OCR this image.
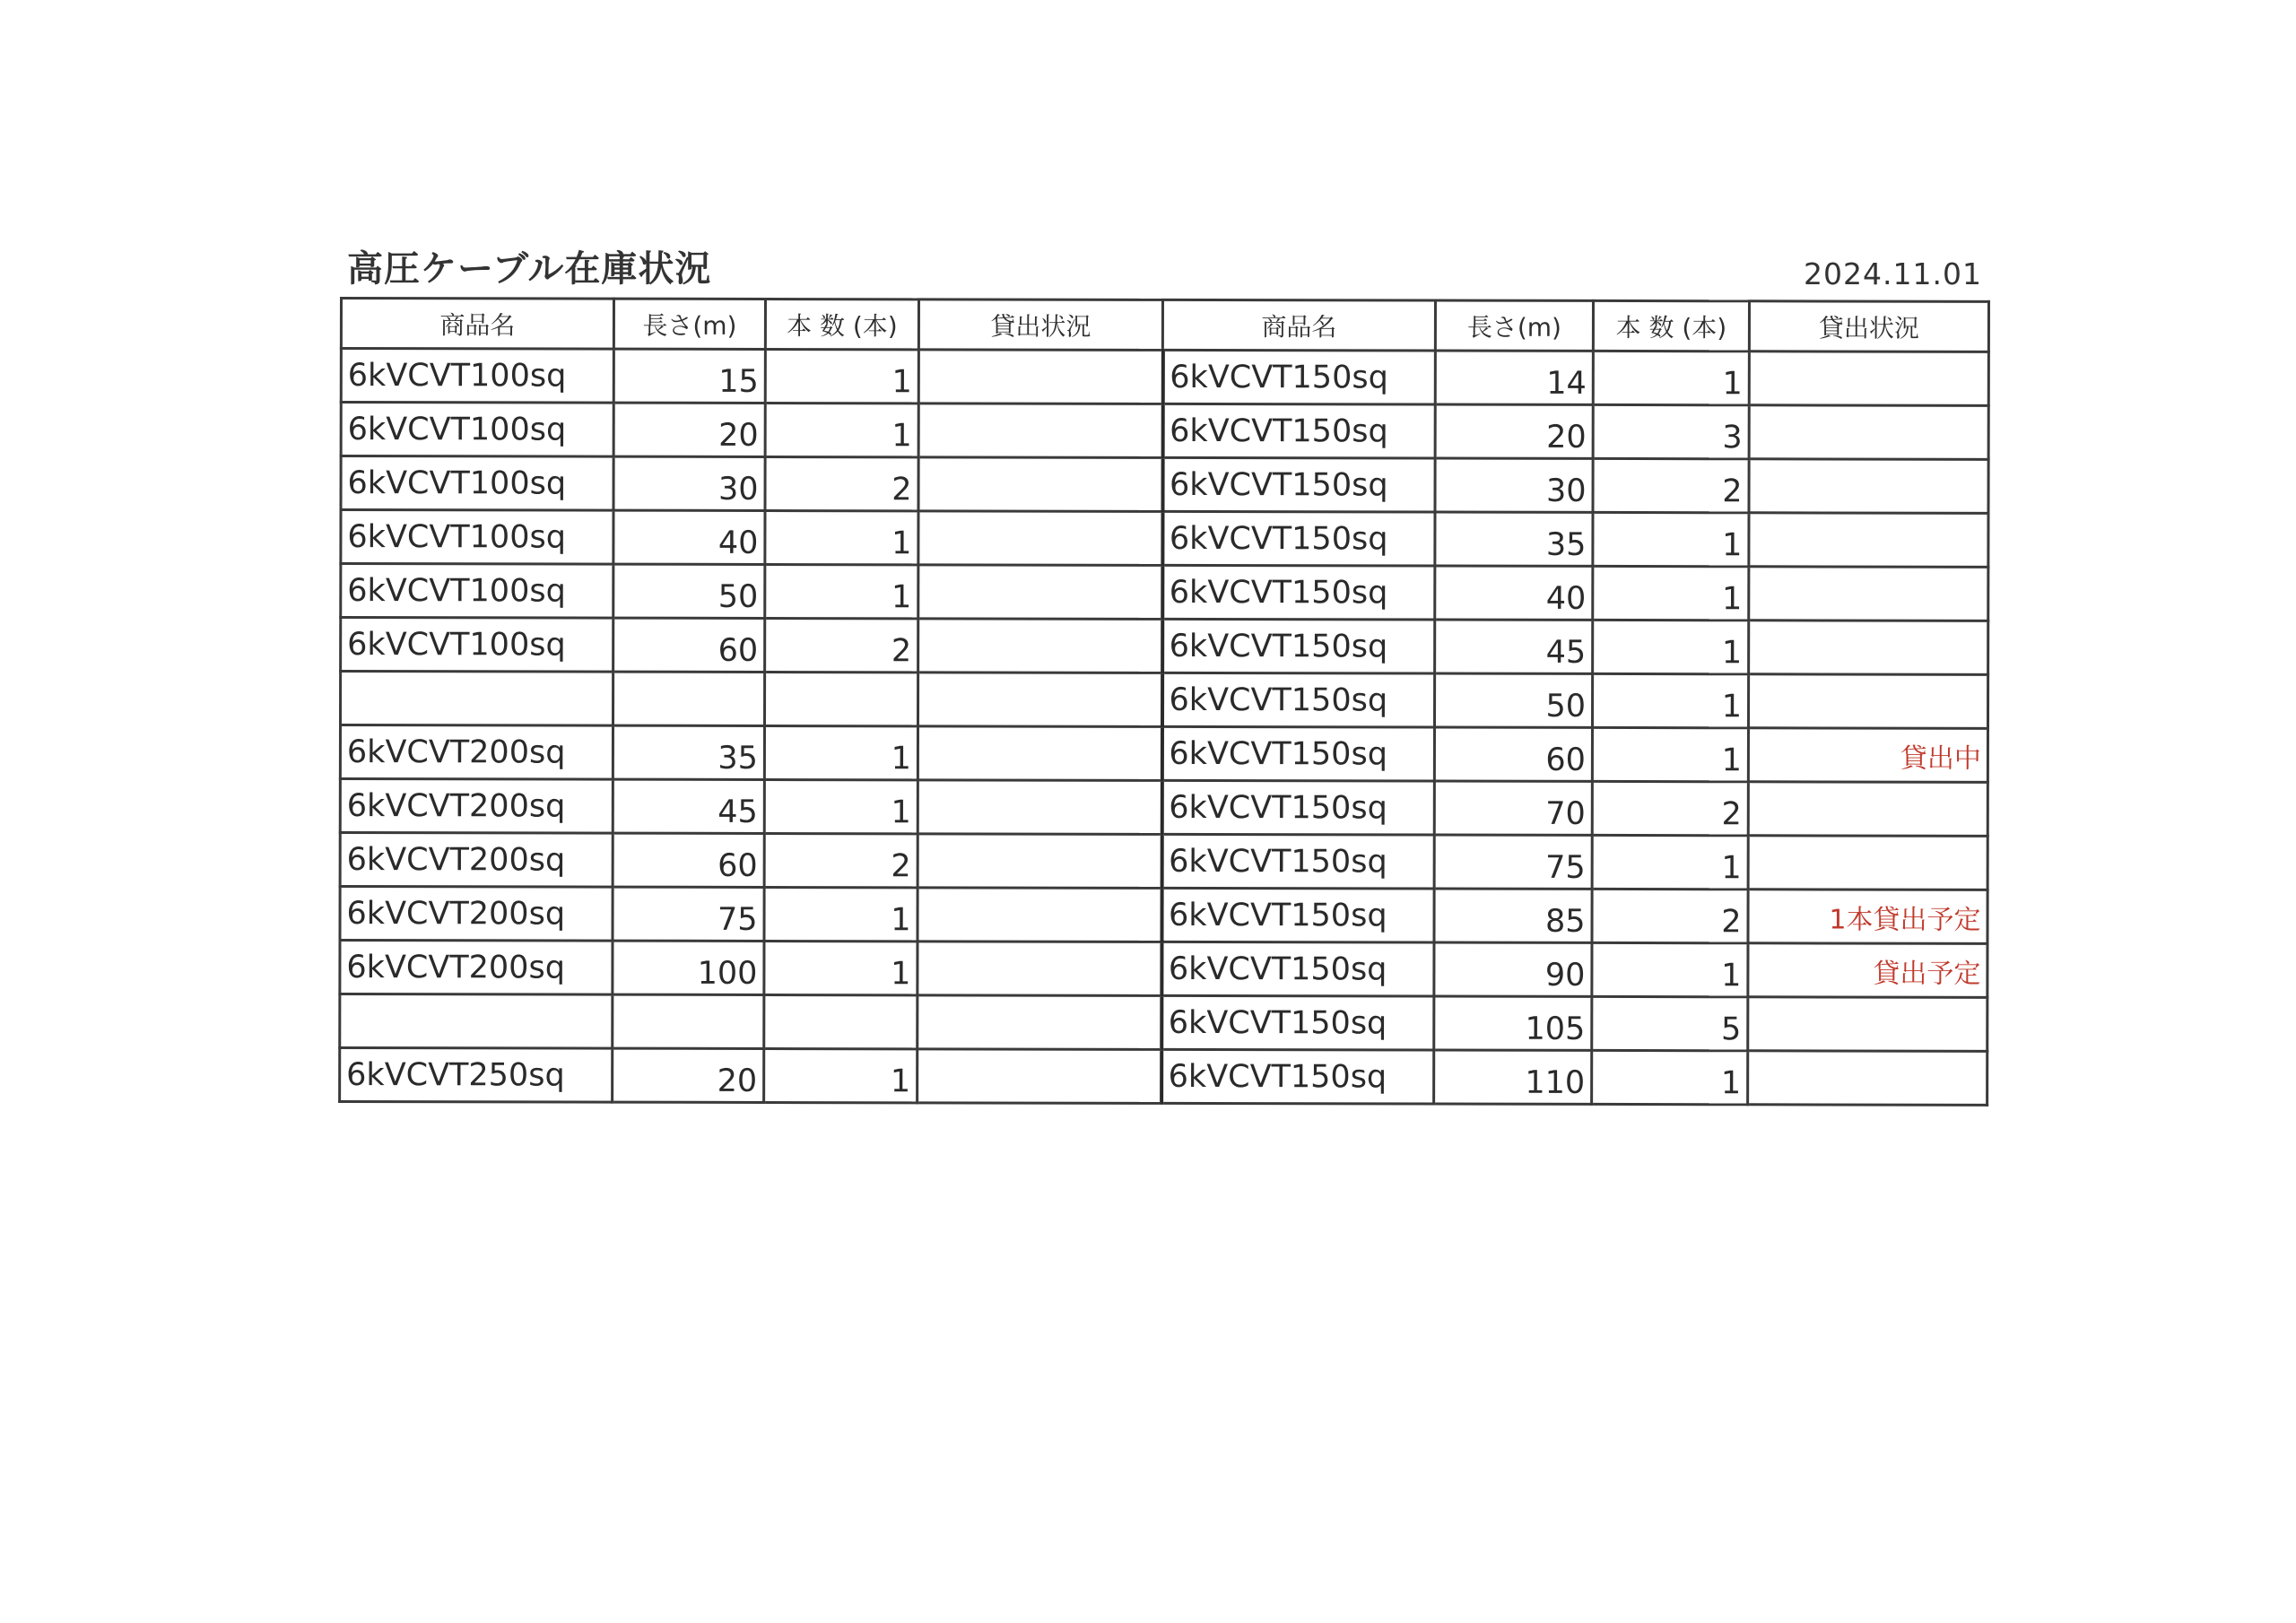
高圧ケーブル在庫状況	2024.11.01
商品名	長さ(m)	本 数 (本)	貸出状況	商品名	長さ(m)	本 数 (本)	貸出状況
6kVCVT100sq	15	1		6kVCVT150sq	14	1	
6kVCVT100sq	20	1		6kVCVT150sq	20	3	
6kVCVT100sq	30	2		6kVCVT150sq	30	2	
6kVCVT100sq	40	1		6kVCVT150sq	35	1	
6kVCVT100sq	50	1		6kVCVT150sq	40	1	
6kVCVT100sq	60	2		6kVCVT150sq	45	1	
				6kVCVT150sq	50	1	
6kVCVT200sq	35	1		6kVCVT150sq	60	1	貸出中
6kVCVT200sq	45	1		6kVCVT150sq	70	2	
6kVCVT200sq	60	2		6kVCVT150sq	75	1	
6kVCVT200sq	75	1		6kVCVT150sq	85	2	1本貸出予定
6kVCVT200sq	100	1		6kVCVT150sq	90	1	貸出予定
				6kVCVT150sq	105	5	
6kVCVT250sq	20	1		6kVCVT150sq	110	1	
